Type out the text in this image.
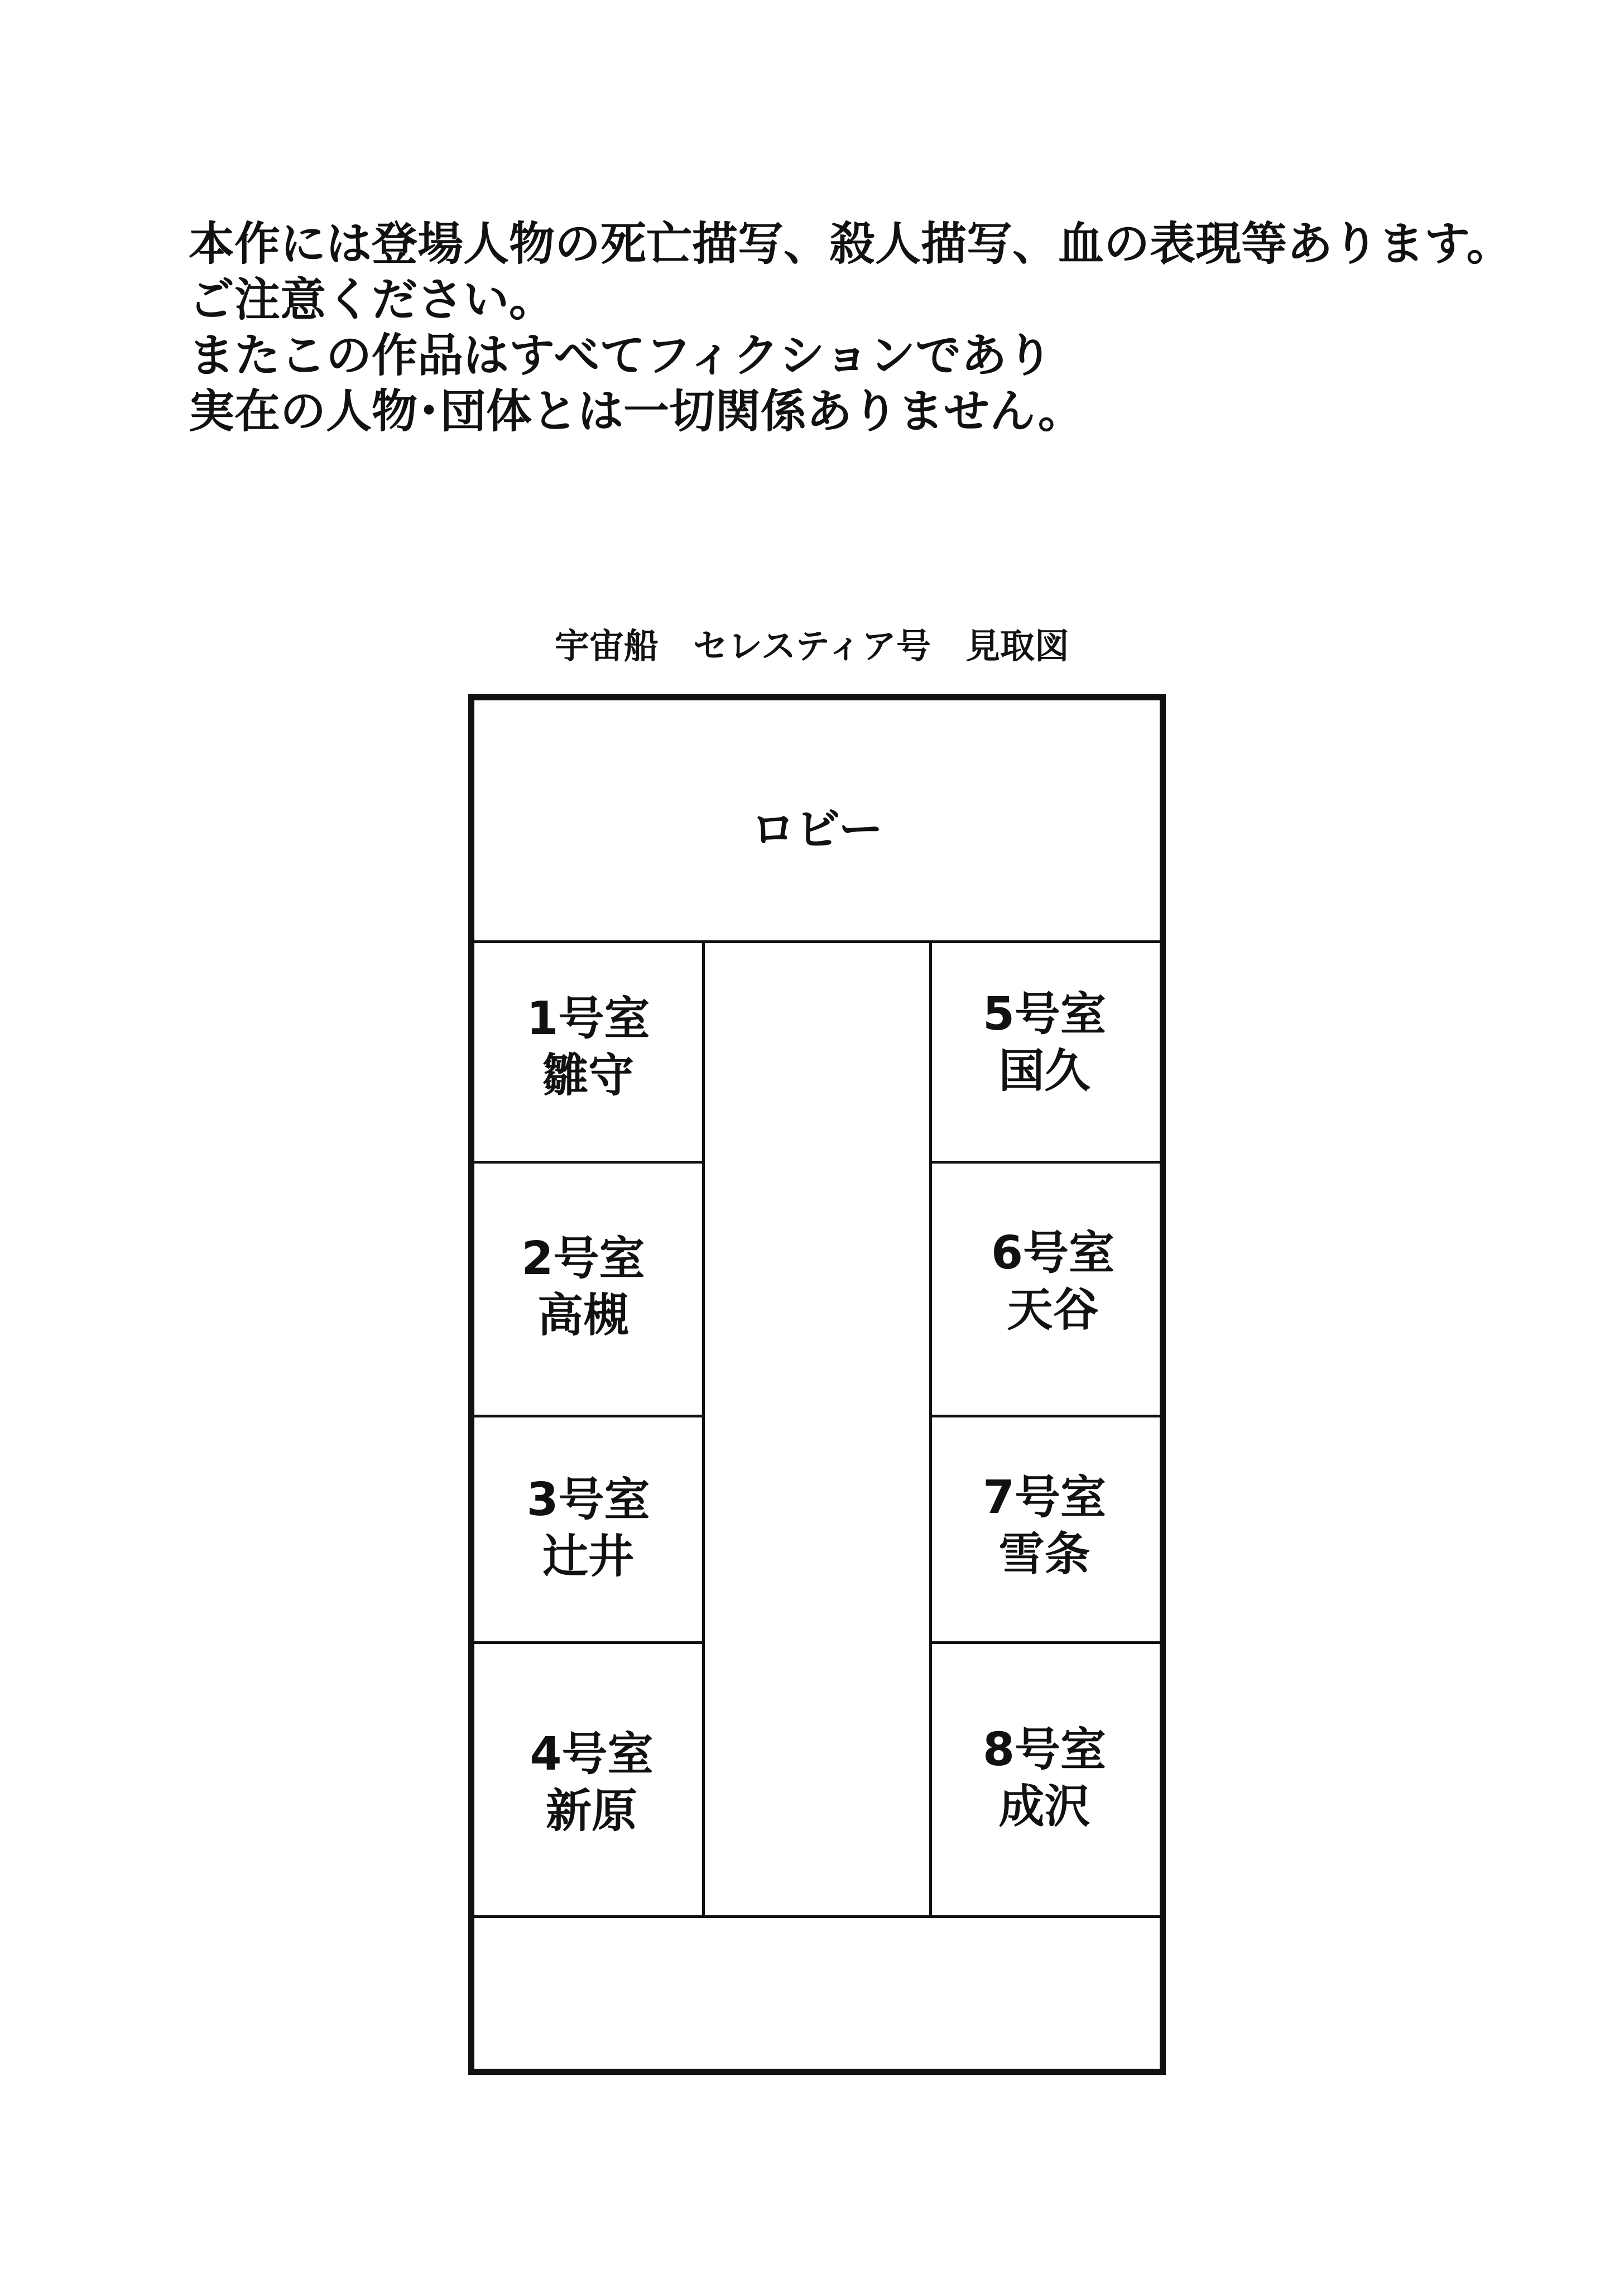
本作には登場人物の死亡描写、殺人描写、血の表現等あります。
ご注意ください。
またこの作品はすべてフィクションであり
実在の人物･団体とは一切関係ありません。
宇宙船　セレスティア号　見取図
ロビー
1号室
雛守
2号室
高槻
3号室
辻井
4号室
新原
5号室
国久
6号室
天谷
7号室
雪条
8号室
成沢
